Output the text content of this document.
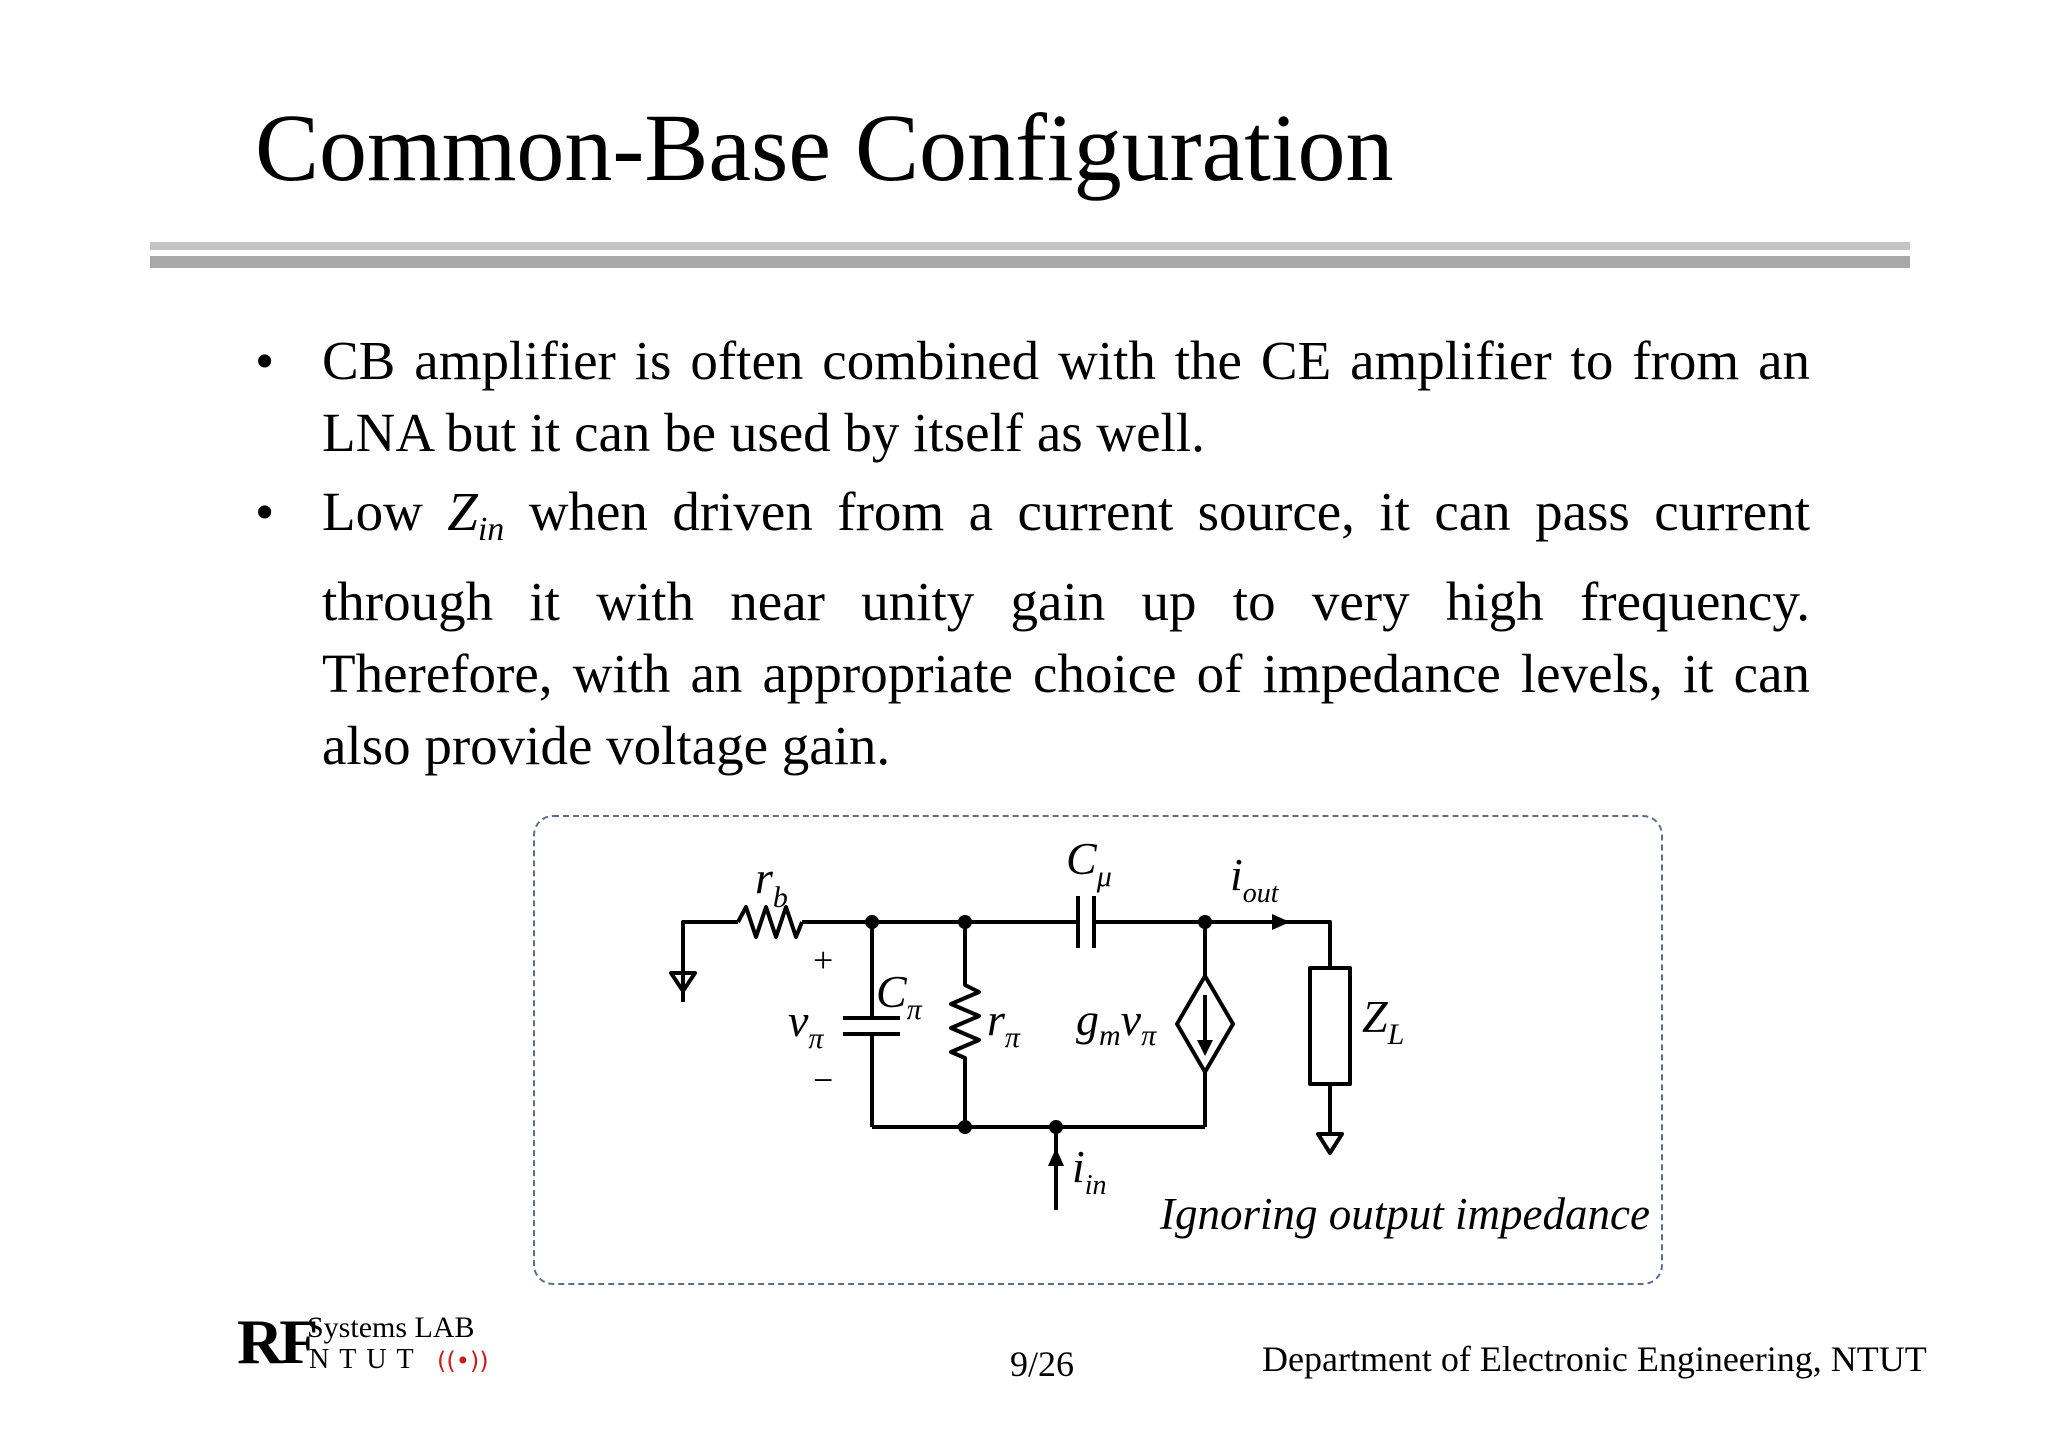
Common-Base Configuration
• CB amplifier is often combined with the CE amplifier to from an LNA but it can be used by itself as well.
• Low $Z_{in}$ when driven from a current source, it can pass current through it with near unity gain up to very high frequency. Therefore, with an appropriate choice of impedance levels, it can also provide voltage gain.
$r_b$
$C_\mu$	$i_{out}$
+
−
$v_\pi$
$C_\pi$ $r_\pi$ $g_mv_\pi$	$Z_L$
$i_{in}$
Ignoring output impedance
RF
Systems LAB
NTUT ((•))	9/26	Department of Electronic Engineering, NTUT
